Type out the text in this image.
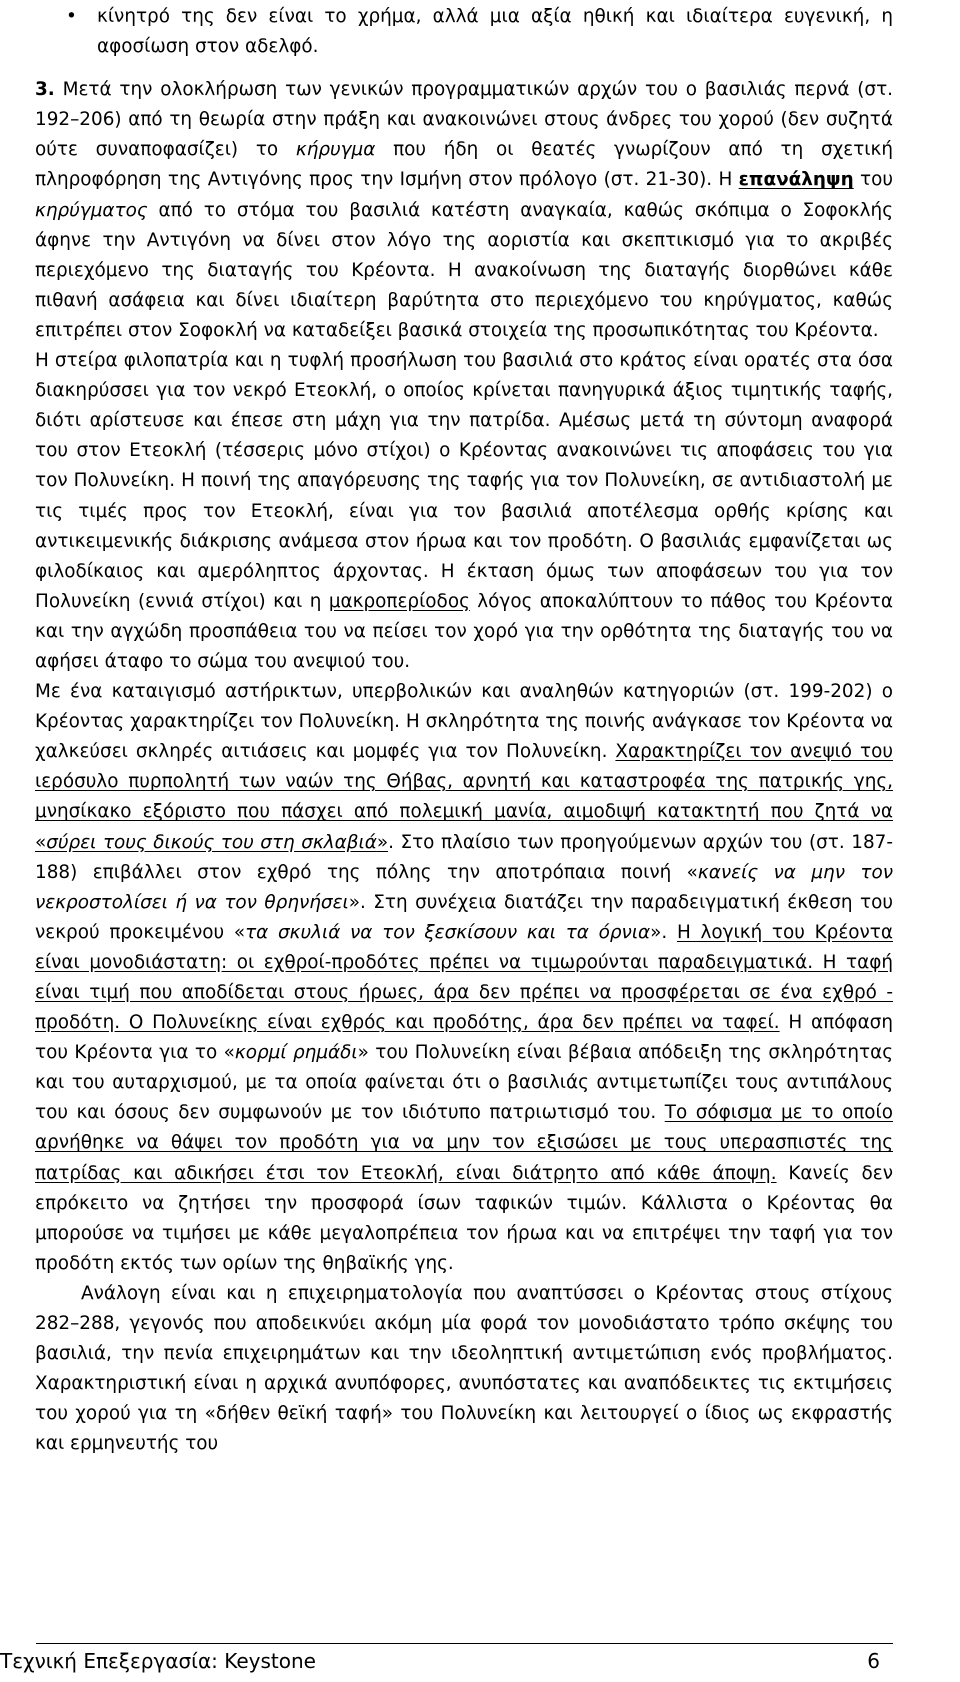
• κίνητρό της δεν είναι το χρήμα, αλλά μια αξία ηθική και ιδιαίτερα ευγενική, η αφοσίωση στον αδελφό.

3. Μετά την ολοκλήρωση των γενικών προγραμματικών αρχών του ο βασιλιάς περνά (στ. 192–206) από τη θεωρία στην πράξη και ανακοινώνει στους άνδρες του χορού (δεν συζητά ούτε συναποφασίζει) το κήρυγμα που ήδη οι θεατές γνωρίζουν από τη σχετική πληροφόρηση της Αντιγόνης προς την Ισμήνη στον πρόλογο (στ. 21-30). Η επανάληψη του κηρύγματος από το στόμα του βασιλιά κατέστη αναγκαία, καθώς σκόπιμα ο Σοφοκλής άφηνε την Αντιγόνη να δίνει στον λόγο της αοριστία και σκεπτικισμό για το ακριβές περιεχόμενο της διαταγής του Κρέοντα. Η ανακοίνωση της διαταγής διορθώνει κάθε πιθανή ασάφεια και δίνει ιδιαίτερη βαρύτητα στο περιεχόμενο του κηρύγματος, καθώς επιτρέπει στον Σοφοκλή να καταδείξει βασικά στοιχεία της προσωπικότητας του Κρέοντα.

Η στείρα φιλοπατρία και η τυφλή προσήλωση του βασιλιά στο κράτος είναι ορατές στα όσα διακηρύσσει για τον νεκρό Ετεοκλή, ο οποίος κρίνεται πανηγυρικά άξιος τιμητικής ταφής, διότι αρίστευσε και έπεσε στη μάχη για την πατρίδα. Αμέσως μετά τη σύντομη αναφορά του στον Ετεοκλή (τέσσερις μόνο στίχοι) ο Κρέοντας ανακοινώνει τις αποφάσεις του για τον Πολυνείκη. Η ποινή της απαγόρευσης της ταφής για τον Πολυνείκη, σε αντιδιαστολή με τις τιμές προς τον Ετεοκλή, είναι για τον βασιλιά αποτέλεσμα ορθής κρίσης και αντικειμενικής διάκρισης ανάμεσα στον ήρωα και τον προδότη. Ο βασιλιάς εμφανίζεται ως φιλοδίκαιος και αμερόληπτος άρχοντας. Η έκταση όμως των αποφάσεων του για τον Πολυνείκη (εννιά στίχοι) και η μακροπερίοδος λόγος αποκαλύπτουν το πάθος του Κρέοντα και την αγχώδη προσπάθεια του να πείσει τον χορό για την ορθότητα της διαταγής του να αφήσει άταφο το σώμα του ανεψιού του.

Με ένα καταιγισμό αστήρικτων, υπερβολικών και αναληθών κατηγοριών (στ. 199-202) ο Κρέοντας χαρακτηρίζει τον Πολυνείκη. Η σκληρότητα της ποινής ανάγκασε τον Κρέοντα να χαλκεύσει σκληρές αιτιάσεις και μομφές για τον Πολυνείκη. Χαρακτηρίζει τον ανεψιό του ιερόσυλο πυρπολητή των ναών της Θήβας, αρνητή και καταστροφέα της πατρικής γης, μνησίκακο εξόριστο που πάσχει από πολεμική μανία, αιμοδιψή κατακτητή που ζητά να «σύρει τους δικούς του στη σκλαβιά». Στο πλαίσιο των προηγούμενων αρχών του (στ. 187-188) επιβάλλει στον εχθρό της πόλης την αποτρόπαια ποινή «κανείς να μην τον νεκροστολίσει ή να τον θρηνήσει». Στη συνέχεια διατάζει την παραδειγματική έκθεση του νεκρού προκειμένου «τα σκυλιά να τον ξεσκίσουν και τα όρνια». Η λογική του Κρέοντα είναι μονοδιάστατη: οι εχθροί-προδότες πρέπει να τιμωρούνται παραδειγματικά. Η ταφή είναι τιμή που αποδίδεται στους ήρωες, άρα δεν πρέπει να προσφέρεται σε ένα εχθρό - προδότη. Ο Πολυνείκης είναι εχθρός και προδότης, άρα δεν πρέπει να ταφεί. Η απόφαση του Κρέοντα για το «κορμί ρημάδι» του Πολυνείκη είναι βέβαια απόδειξη της σκληρότητας και του αυταρχισμού, με τα οποία φαίνεται ότι ο βασιλιάς αντιμετωπίζει τους αντιπάλους του και όσους δεν συμφωνούν με τον ιδιότυπο πατριωτισμό του. Το σόφισμα με το οποίο αρνήθηκε να θάψει τον προδότη για να μην τον εξισώσει με τους υπερασπιστές της πατρίδας και αδικήσει έτσι τον Ετεοκλή, είναι διάτρητο από κάθε άποψη. Κανείς δεν επρόκειτο να ζητήσει την προσφορά ίσων ταφικών τιμών. Κάλλιστα ο Κρέοντας θα μπορούσε να τιμήσει με κάθε μεγαλοπρέπεια τον ήρωα και να επιτρέψει την ταφή για τον προδότη εκτός των ορίων της θηβαϊκής γης.

Ανάλογη είναι και η επιχειρηματολογία που αναπτύσσει ο Κρέοντας στους στίχους 282–288, γεγονός που αποδεικνύει ακόμη μία φορά τον μονοδιάστατο τρόπο σκέψης του βασιλιά, την πενία επιχειρημάτων και την ιδεοληπτική αντιμετώπιση ενός προβλήματος. Χαρακτηριστική είναι η αρχικά ανυπόφορες, ανυπόστατες και αναπόδεικτες τις εκτιμήσεις του χορού για τη «δήθεν θεϊκή ταφή» του Πολυνείκη και λειτουργεί ο ίδιος ως εκφραστής και ερμηνευτής του

Τεχνική Επεξεργασία: Keystone	6
